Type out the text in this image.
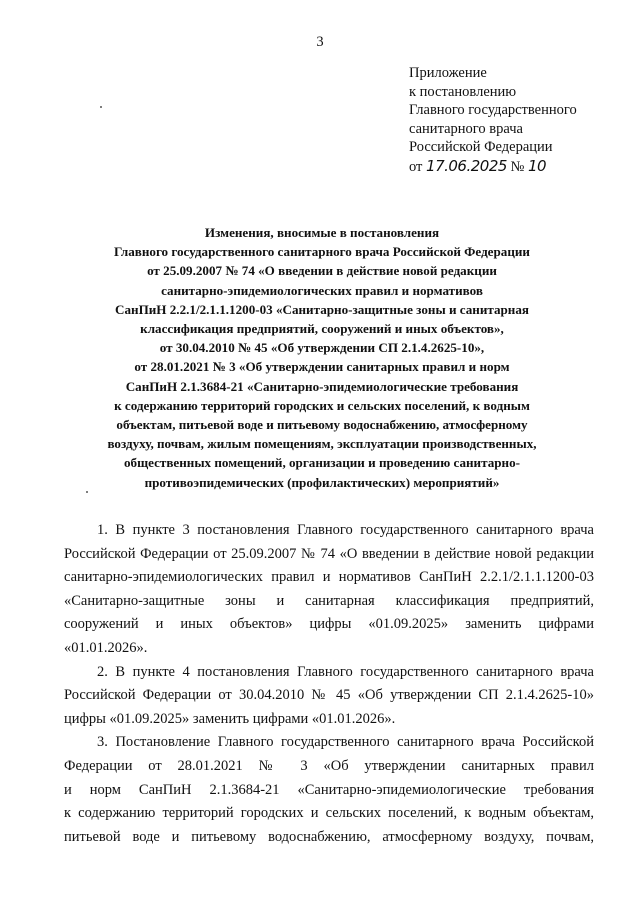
3
Приложение
к постановлению
Главного государственного
санитарного врача
Российской Федерации
от 17.06.2025 № 10
Изменения, вносимые в постановления
Главного государственного санитарного врача Российской Федерации
от 25.09.2007 № 74 «О введении в действие новой редакции
санитарно-эпидемиологических правил и нормативов
СанПиН 2.2.1/2.1.1.1200-03 «Санитарно-защитные зоны и санитарная
классификация предприятий, сооружений и иных объектов»,
от 30.04.2010 № 45 «Об утверждении СП 2.1.4.2625-10»,
от 28.01.2021 № 3 «Об утверждении санитарных правил и норм
СанПиН 2.1.3684-21 «Санитарно-эпидемиологические требования
к содержанию территорий городских и сельских поселений, к водным
объектам, питьевой воде и питьевому водоснабжению, атмосферному
воздуху, почвам, жилым помещениям, эксплуатации производственных,
общественных помещений, организации и проведению санитарно-
противоэпидемических (профилактических) мероприятий»
1. В пункте 3 постановления Главного государственного санитарного врача
Российской Федерации от 25.09.2007 № 74 «О введении в действие новой редакции
санитарно-эпидемиологических правил и нормативов СанПиН 2.2.1/2.1.1.1200-03
«Санитарно-защитные зоны и санитарная классификация предприятий,
сооружений и иных объектов» цифры «01.09.2025» заменить цифрами
«01.01.2026».
2. В пункте 4 постановления Главного государственного санитарного врача
Российской Федерации от 30.04.2010 № 45 «Об утверждении СП 2.1.4.2625-10»
цифры «01.09.2025» заменить цифрами «01.01.2026».
3. Постановление Главного государственного санитарного врача Российской
Федерации от 28.01.2021 № 3 «Об утверждении санитарных правил
и норм СанПиН 2.1.3684-21 «Санитарно-эпидемиологические требования
к содержанию территорий городских и сельских поселений, к водным объектам,
питьевой воде и питьевому водоснабжению, атмосферному воздуху, почвам,
